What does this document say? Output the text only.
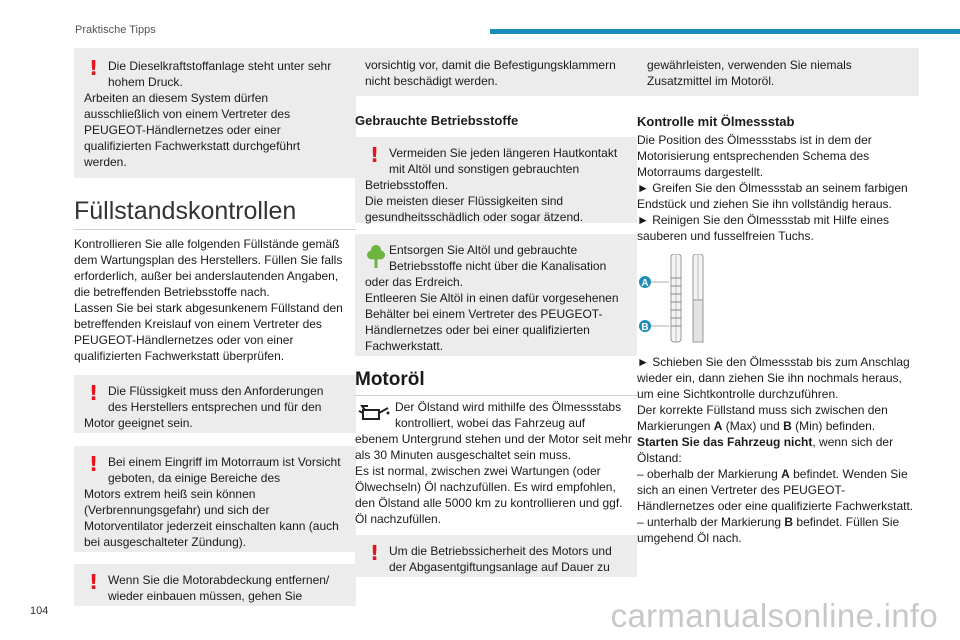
Praktische Tipps
! Die Dieselkraftstoffanlage steht unter sehr hohem Druck.
Arbeiten an diesem System dürfen ausschließlich von einem Vertreter des PEUGEOT-Händlernetzes oder einer qualifizierten Fachwerkstatt durchgeführt werden.
Füllstandskontrollen
Kontrollieren Sie alle folgenden Füllstände gemäß dem Wartungsplan des Herstellers. Füllen Sie falls erforderlich, außer bei anderslautenden Angaben, die betreffenden Betriebsstoffe nach.
Lassen Sie bei stark abgesunkenem Füllstand den betreffenden Kreislauf von einem Vertreter des PEUGEOT-Händlernetzes oder von einer qualifizierten Fachwerkstatt überprüfen.
! Die Flüssigkeit muss den Anforderungen des Herstellers entsprechen und für den
Motor geeignet sein.
! Bei einem Eingriff im Motorraum ist Vorsicht geboten, da einige Bereiche des
Motors extrem heiß sein können (Verbrennungsgefahr) und sich der Motorventilator jederzeit einschalten kann (auch bei ausgeschalteter Zündung).
! Wenn Sie die Motorabdeckung entfernen/ wieder einbauen müssen, gehen Sie
vorsichtig vor, damit die Befestigungsklammern nicht beschädigt werden.
Gebrauchte Betriebsstoffe
! Vermeiden Sie jeden längeren Hautkontakt mit Altöl und sonstigen gebrauchten
Betriebsstoffen.
Die meisten dieser Flüssigkeiten sind gesundheitsschädlich oder sogar ätzend.
Entsorgen Sie Altöl und gebrauchte Betriebsstoffe nicht über die Kanalisation
oder das Erdreich.
Entleeren Sie Altöl in einen dafür vorgesehenen Behälter bei einem Vertreter des PEUGEOT-Händlernetzes oder bei einer qualifizierten Fachwerkstatt.
Motoröl
Der Ölstand wird mithilfe des Ölmessstabs kontrolliert, wobei das Fahrzeug auf
ebenem Untergrund stehen und der Motor seit mehr als 30 Minuten ausgeschaltet sein muss.
Es ist normal, zwischen zwei Wartungen (oder Ölwechseln) Öl nachzufüllen. Es wird empfohlen, den Ölstand alle 5000 km zu kontrollieren und ggf. Öl nachzufüllen.
! Um die Betriebssicherheit des Motors und der Abgasentgiftungsanlage auf Dauer zu
gewährleisten, verwenden Sie niemals Zusatzmittel im Motoröl.
Kontrolle mit Ölmessstab
Die Position des Ölmessstabs ist in dem der Motorisierung entsprechenden Schema des Motorraums dargestellt.
► Greifen Sie den Ölmessstab an seinem farbigen Endstück und ziehen Sie ihn vollständig heraus.
► Reinigen Sie den Ölmessstab mit Hilfe eines sauberen und fusselfreien Tuchs.
A
B
► Schieben Sie den Ölmessstab bis zum Anschlag wieder ein, dann ziehen Sie ihn nochmals heraus, um eine Sichtkontrolle durchzuführen.
Der korrekte Füllstand muss sich zwischen den Markierungen A (Max) und B (Min) befinden.
Starten Sie das Fahrzeug nicht, wenn sich der Ölstand:
– oberhalb der Markierung A befindet. Wenden Sie sich an einen Vertreter des PEUGEOT-Händlernetzes oder eine qualifizierte Fachwerkstatt.
– unterhalb der Markierung B befindet. Füllen Sie umgehend Öl nach.
104	carmanualsonline.info
